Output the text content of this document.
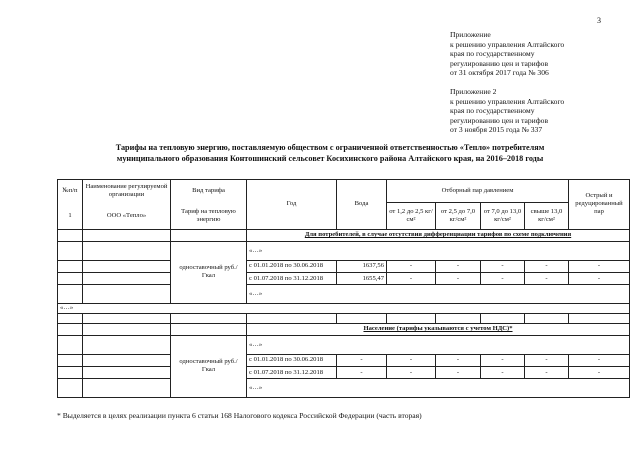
3
Приложение
к решению управления Алтайского
края по государственному
регулированию цен и тарифов
от 31 октября 2017 года № 306
Приложение 2
к решению управления Алтайского
края по государственному
регулированию цен и тарифов
от 3 ноября 2015 года № 337
Тарифы на тепловую энергию, поставляемую обществом с ограниченной ответственностью «Тепло» потребителям
муниципального образования Контошинский сельсовет Косихинского района Алтайского края, на 2016–2018 годы
№п/п	Наименование регулируемой организации	Вид тарифа	Год	Вода	Отборный пар давлением				Острый и редуцированный пар
1	ООО «Тепло»	Тариф на тепловую энергию			от 1,2 до 2,5 кг/см²	от 2,5 до 7,0 кг/см²	от 7,0 до 13,0 кг/см²	свыше 13,0 кг/см²	
			Для потребителей, в случае отсутствия дифференциации тарифов по схеме подключения						
		одноставочный руб./Гкал	«…»						
			с 01.01.2018 по 30.06.2018	1637,56	-	-	-	-	-
			с 01.07.2018 по 31.12.2018	1655,47	-	-	-	-	-
			«…»						
«…»									

			Население (тарифы указываются с учетом НДС)*						
		одноставочный руб./Гкал	«…»						
			с 01.01.2018 по 30.06.2018	-	-	-	-	-	-
			с 01.07.2018 по 31.12.2018	-	-	-	-	-	-
			«…»						
* Выделяется в целях реализации пункта 6 статьи 168 Налогового кодекса Российской Федерации (часть вторая)
